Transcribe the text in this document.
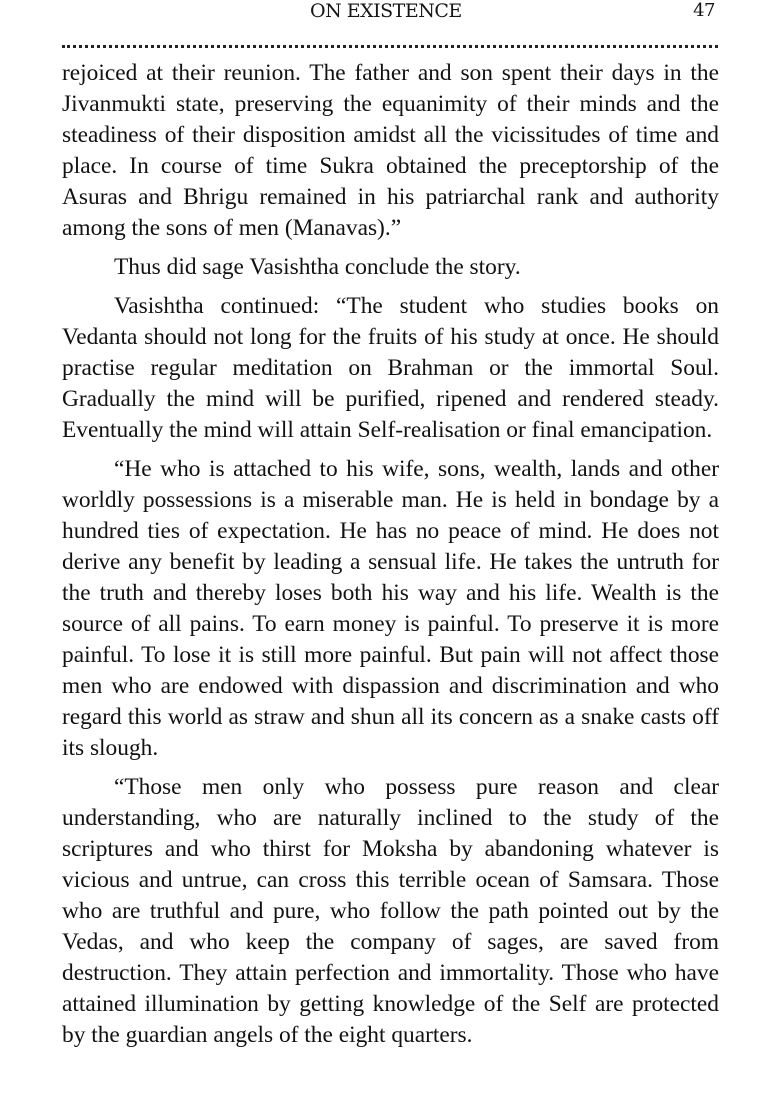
ON EXISTENCE	47

rejoiced at their reunion. The father and son spent their days in the Jivanmukti state, preserving the equanimity of their minds and the steadiness of their disposition amidst all the vicissitudes of time and place. In course of time Sukra obtained the preceptorship of the Asuras and Bhrigu remained in his patriarchal rank and authority among the sons of men (Manavas).”

Thus did sage Vasishtha conclude the story.

Vasishtha continued: “The student who studies books on Vedanta should not long for the fruits of his study at once. He should practise regular meditation on Brahman or the immortal Soul. Gradually the mind will be purified, ripened and rendered steady. Eventually the mind will attain Self-realisation or final emancipation.

“He who is attached to his wife, sons, wealth, lands and other worldly possessions is a miserable man. He is held in bondage by a hundred ties of expectation. He has no peace of mind. He does not derive any benefit by leading a sensual life. He takes the untruth for the truth and thereby loses both his way and his life. Wealth is the source of all pains. To earn money is painful. To preserve it is more painful. To lose it is still more painful. But pain will not affect those men who are endowed with dispassion and discrimination and who regard this world as straw and shun all its concern as a snake casts off its slough.

“Those men only who possess pure reason and clear understanding, who are naturally inclined to the study of the scriptures and who thirst for Moksha by abandoning whatever is vicious and untrue, can cross this terrible ocean of Samsara. Those who are truthful and pure, who follow the path pointed out by the Vedas, and who keep the company of sages, are saved from destruction. They attain perfection and immortality. Those who have attained illumination by getting knowledge of the Self are protected by the guardian angels of the eight quarters.
